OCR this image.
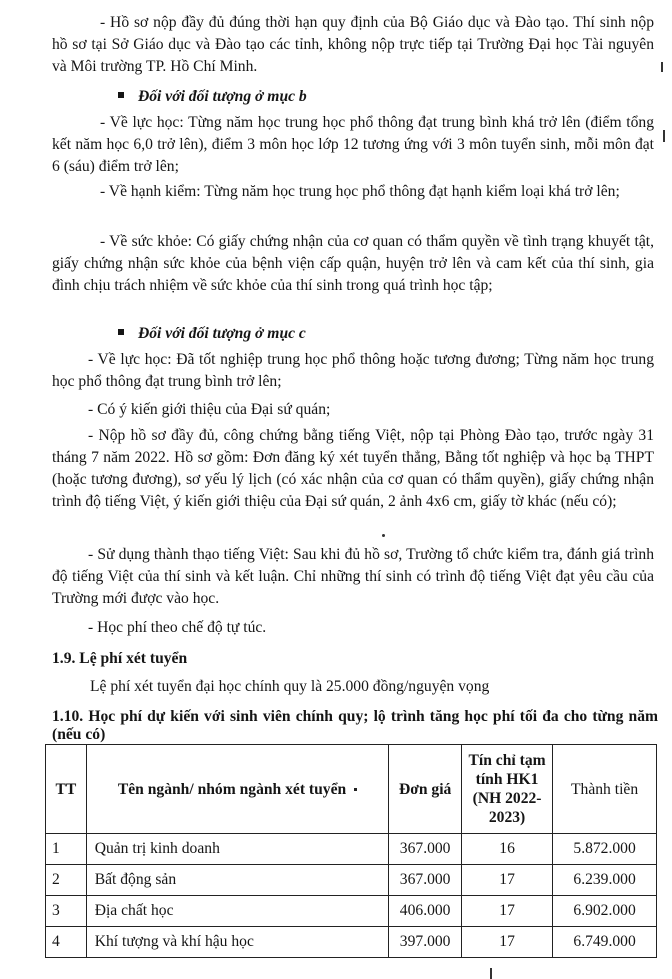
- Hồ sơ nộp đầy đủ đúng thời hạn quy định của Bộ Giáo dục và Đào tạo. Thí sinh nộp hồ sơ tại Sở Giáo dục và Đào tạo các tỉnh, không nộp trực tiếp tại Trường Đại học Tài nguyên và Môi trường TP. Hồ Chí Minh.

Đối với đối tượng ở mục b

- Về lực học: Từng năm học trung học phổ thông đạt trung bình khá trở lên (điểm tổng kết năm học 6,0 trở lên), điểm 3 môn học lớp 12 tương ứng với 3 môn tuyển sinh, mỗi môn đạt 6 (sáu) điểm trở lên;

- Về hạnh kiểm: Từng năm học trung học phổ thông đạt hạnh kiểm loại khá trở lên;

- Về sức khỏe: Có giấy chứng nhận của cơ quan có thẩm quyền về tình trạng khuyết tật, giấy chứng nhận sức khỏe của bệnh viện cấp quận, huyện trở lên và cam kết của thí sinh, gia đình chịu trách nhiệm về sức khỏe của thí sinh trong quá trình học tập;

Đối với đối tượng ở mục c

- Về lực học: Đã tốt nghiệp trung học phổ thông hoặc tương đương; Từng năm học trung học phổ thông đạt trung bình trở lên;

- Có ý kiến giới thiệu của Đại sứ quán;

- Nộp hồ sơ đầy đủ, công chứng bằng tiếng Việt, nộp tại Phòng Đào tạo, trước ngày 31 tháng 7 năm 2022. Hồ sơ gồm: Đơn đăng ký xét tuyển thẳng, Bằng tốt nghiệp và học bạ THPT (hoặc tương đương), sơ yếu lý lịch (có xác nhận của cơ quan có thẩm quyền), giấy chứng nhận trình độ tiếng Việt, ý kiến giới thiệu của Đại sứ quán, 2 ảnh 4x6 cm, giấy tờ khác (nếu có);

- Sử dụng thành thạo tiếng Việt: Sau khi đủ hồ sơ, Trường tổ chức kiểm tra, đánh giá trình độ tiếng Việt của thí sinh và kết luận. Chỉ những thí sinh có trình độ tiếng Việt đạt yêu cầu của Trường mới được vào học.

- Học phí theo chế độ tự túc.

1.9. Lệ phí xét tuyển

Lệ phí xét tuyển đại học chính quy là 25.000 đồng/nguyện vọng

1.10. Học phí dự kiến với sinh viên chính quy; lộ trình tăng học phí tối đa cho từng năm (nếu có)
TT	Tên ngành/ nhóm ngành xét tuyển	Đơn giá	Tín chỉ tạm tính HK1 (NH 2022-2023)	Thành tiền
1	Quản trị kinh doanh	367.000	16	5.872.000
2	Bất động sản	367.000	17	6.239.000
3	Địa chất học	406.000	17	6.902.000
4	Khí tượng và khí hậu học	397.000	17	6.749.000
